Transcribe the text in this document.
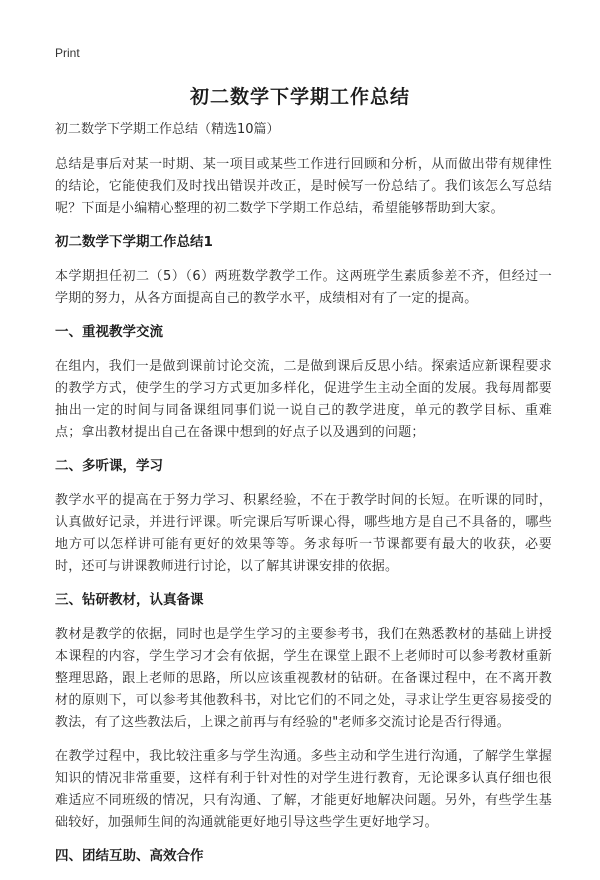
Print
初二数学下学期工作总结
初二数学下学期工作总结（精选10篇）

总结是事后对某一时期、某一项目或某些工作进行回顾和分析，从而做出带有规律性的结论，它能使我们及时找出错误并改正，是时候写一份总结了。我们该怎么写总结呢？下面是小编精心整理的初二数学下学期工作总结，希望能够帮助到大家。

初二数学下学期工作总结1

本学期担任初二（5）（6）两班数学教学工作。这两班学生素质参差不齐，但经过一学期的努力，从各方面提高自己的教学水平，成绩相对有了一定的提高。

一、重视教学交流

在组内，我们一是做到课前讨论交流，二是做到课后反思小结。探索适应新课程要求的教学方式，使学生的学习方式更加多样化，促进学生主动全面的发展。我每周都要抽出一定的时间与同备课组同事们说一说自己的教学进度，单元的教学目标、重难点；拿出教材提出自己在备课中想到的好点子以及遇到的问题；

二、多听课，学习

教学水平的提高在于努力学习、积累经验，不在于教学时间的长短。在听课的同时，认真做好记录，并进行评课。听完课后写听课心得，哪些地方是自己不具备的，哪些地方可以怎样讲可能有更好的效果等等。务求每听一节课都要有最大的收获，必要时，还可与讲课教师进行讨论，以了解其讲课安排的依据。

三、钻研教材，认真备课

教材是教学的依据，同时也是学生学习的主要参考书，我们在熟悉教材的基础上讲授本课程的内容，学生学习才会有依据，学生在课堂上跟不上老师时可以参考教材重新整理思路，跟上老师的思路，所以应该重视教材的钻研。在备课过程中，在不离开教材的原则下，可以参考其他教科书，对比它们的不同之处，寻求让学生更容易接受的教法，有了这些教法后，上课之前再与有经验的"老师多交流讨论是否行得通。

在教学过程中，我比较注重多与学生沟通。多些主动和学生进行沟通，了解学生掌握知识的情况非常重要，这样有利于针对性的对学生进行教育，无论课多认真仔细也很难适应不同班级的情况，只有沟通、了解，才能更好地解决问题。另外，有些学生基础较好，加强师生间的沟通就能更好地引导这些学生更好地学习。

四、团结互助、高效合作
